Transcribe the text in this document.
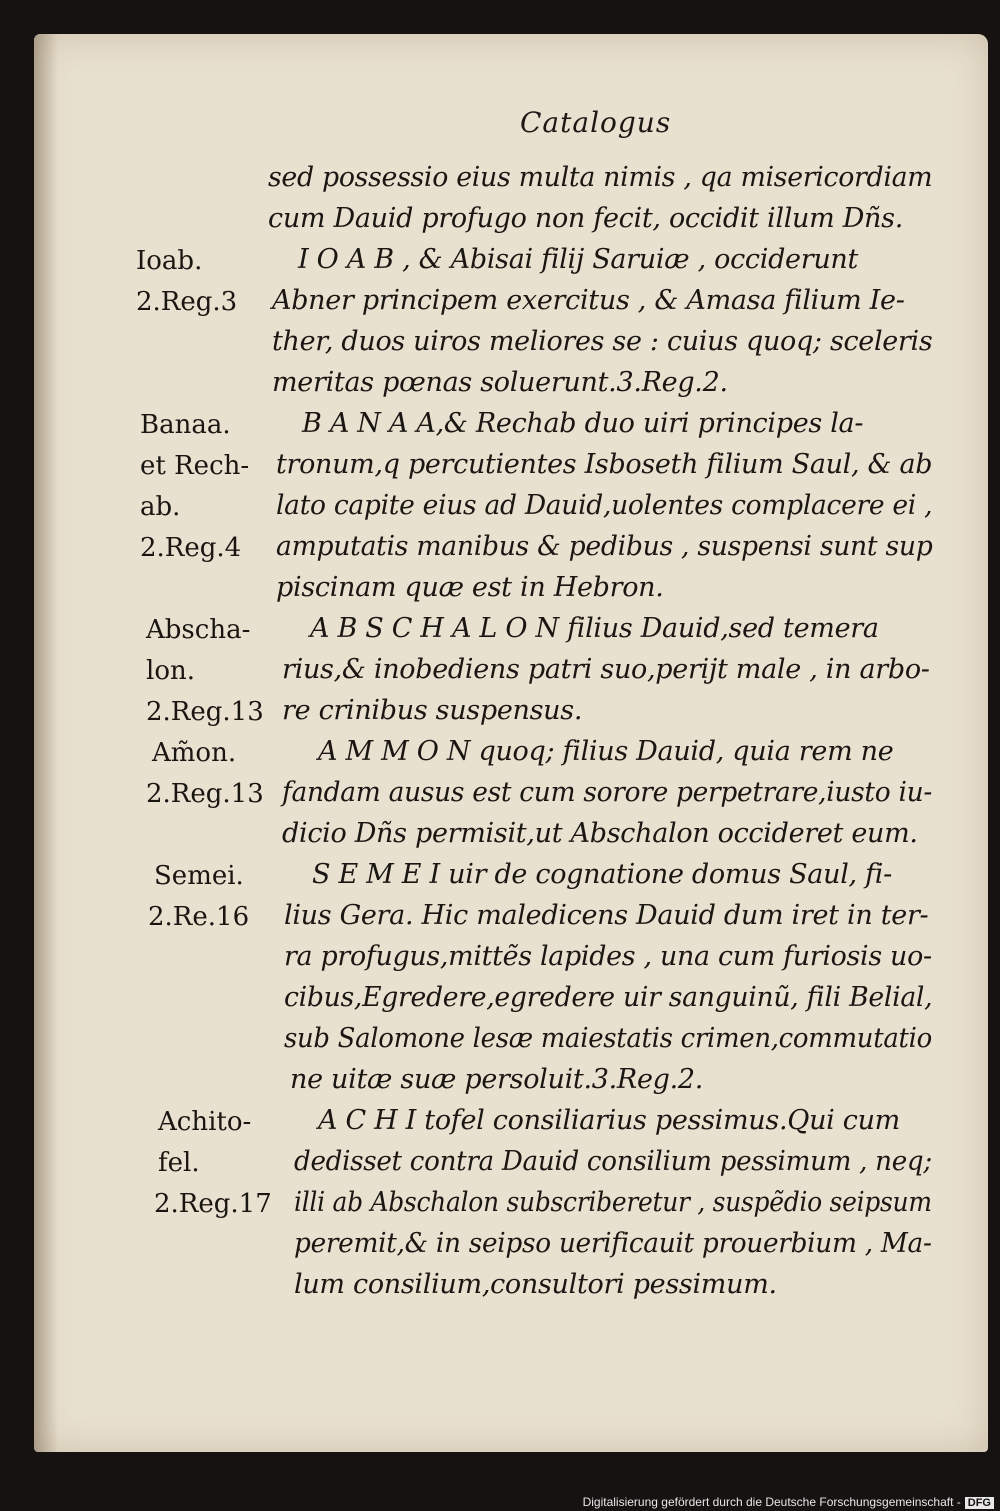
Catalogus
sed possessio eius multa nimis , qa misericordiam
cum Dauid profugo non fecit, occidit illum Dñs.
I O A B , & Abisai filij Saruiæ , occiderunt
Abner principem exercitus , & Amasa filium Ie-
ther, duos uiros meliores se : cuius quoq; sceleris
meritas pœnas soluerunt.3.Reg.2.
B A N A A,& Rechab duo uiri principes la-
tronum,q percutientes Isboseth filium Saul, & ab
lato capite eius ad Dauid,uolentes complacere ei ,
amputatis manibus & pedibus , suspensi sunt sup
piscinam quæ est in Hebron.
A B S C H A L O N filius Dauid,sed temera
rius,& inobediens patri suo,perijt male , in arbo-
re crinibus suspensus.
A M M O N quoq; filius Dauid, quia rem ne
fandam ausus est cum sorore perpetrare,iusto iu-
dicio Dñs permisit,ut Abschalon occideret eum.
S E M E I uir de cognatione domus Saul, fi-
lius Gera. Hic maledicens Dauid dum iret in ter-
ra profugus,mittẽs lapides , una cum furiosis uo-
cibus,Egredere,egredere uir sanguinũ, fili Belial,
sub Salomone lesæ maiestatis crimen,commutatio
ne uitæ suæ persoluit.3.Reg.2.
A C H I tofel consiliarius pessimus.Qui cum
dedisset contra Dauid consilium pessimum , neq;
illi ab Abschalon subscriberetur , suspẽdio seipsum
peremit,& in seipso uerificauit prouerbium , Ma-
lum consilium,consultori pessimum.
Ioab.
2.Reg.3
Banaa.
et Rech-
ab.
2.Reg.4
Abscha-
lon.
2.Reg.13
Am̃on.
2.Reg.13
Semei.
2.Re.16
Achito-
fel.
2.Reg.17
Digitalisierung gefördert durch die Deutsche Forschungsgemeinschaft - DFG
